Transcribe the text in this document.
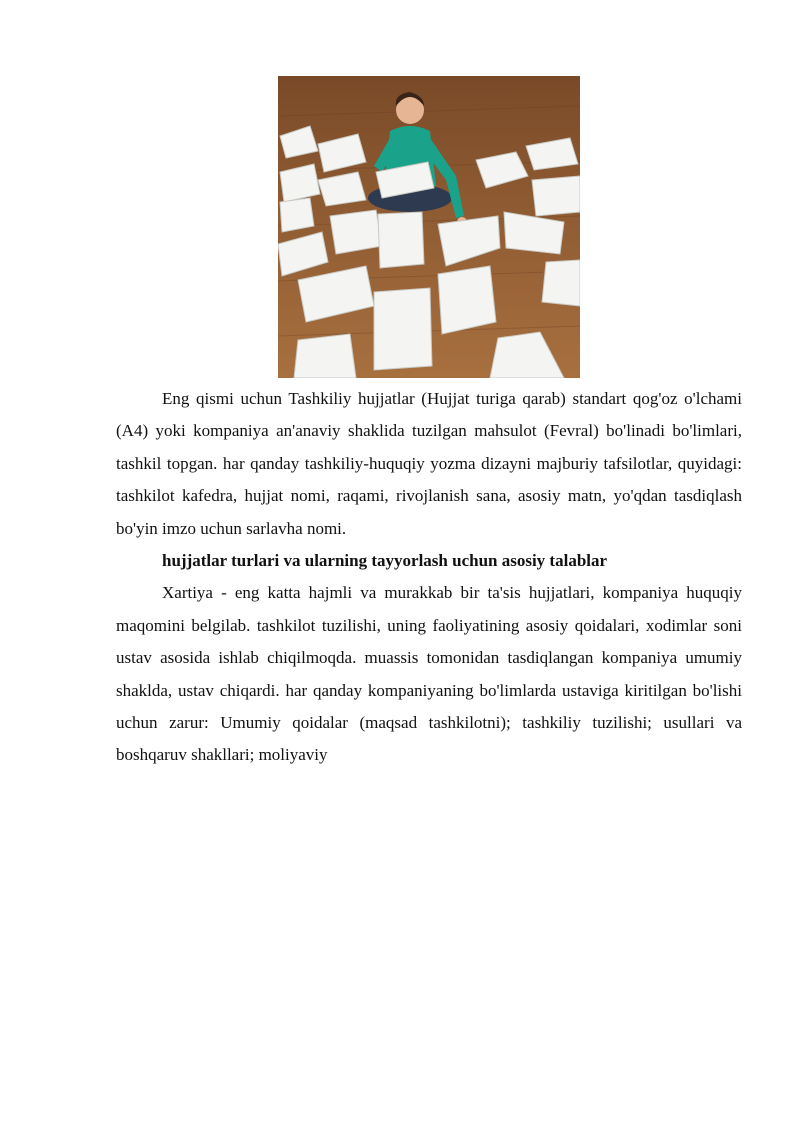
Eng qismi uchun Tashkiliy hujjatlar (Hujjat turiga qarab) standart qog'oz o'lchami (A4) yoki kompaniya an'anaviy shaklida tuzilgan mahsulot (Fevral) bo'linadi bo'limlari, tashkil topgan. har qanday tashkiliy-huquqiy yozma dizayni majburiy tafsilotlar, quyidagi: tashkilot kafedra, hujjat nomi, raqami, rivojlanish sana, asosiy matn, yo'qdan tasdiqlash bo'yin imzo uchun sarlavha nomi.

hujjatlar turlari va ularning tayyorlash uchun asosiy talablar

Xartiya - eng katta hajmli va murakkab bir ta'sis hujjatlari, kompaniya huquqiy maqomini belgilab. tashkilot tuzilishi, uning faoliyatining asosiy qoidalari, xodimlar soni ustav asosida ishlab chiqilmoqda. muassis tomonidan tasdiqlangan kompaniya umumiy shaklda, ustav chiqardi. har qanday kompaniyaning bo'limlarda ustaviga kiritilgan bo'lishi uchun zarur: Umumiy qoidalar (maqsad tashkilotni); tashkiliy tuzilishi; usullari va boshqaruv shakllari; moliyaviy
